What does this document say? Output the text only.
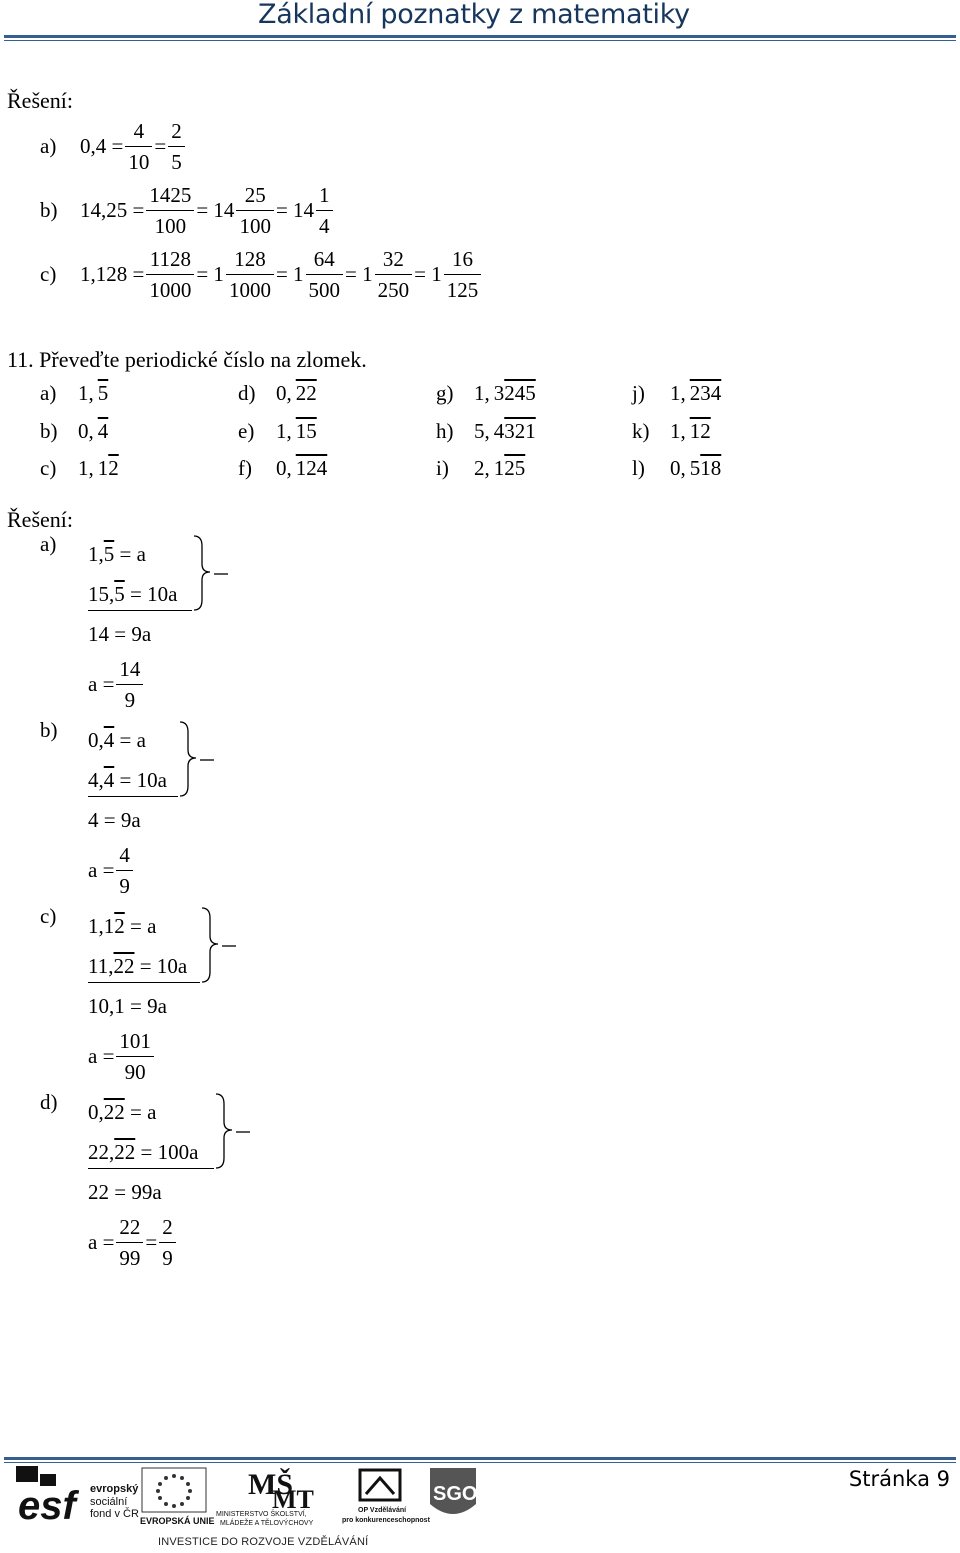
Základní poznatky z matematiky
Řešení:
a)	$0,4 = \frac{4}{10} = \frac{2}{5}$
b)	$14,25 = \frac{1425}{100} = 14 \frac{25}{100} = 14 \frac{1}{4}$
c)	$1,128 = \frac{1128}{1000} = 1 \frac{128}{1000} = 1 \frac{64}{500} = 1 \frac{32}{250} = 1 \frac{16}{125}$
11. Převeďte periodické číslo na zlomek.
a) 1, 5	d) 0, 22	g) 1, 3245	j) 1, 234
b) 0, 4	e) 1, 15	h) 5, 4321	k) 1, 12
c) 1, 12	f) 0, 124	i) 2, 125	l) 0, 518
Řešení:
a) 1,5 = a
15,5 = 10a
14 = 9a
$a = \frac{14}{9}$
b) 0,4 = a
4,4 = 10a
4 = 9a
$a = \frac{4}{9}$
c) 1,12 = a
11,22 = 10a
10,1 = 9a
$a = \frac{101}{90}$
d) 0,22 = a
22,22 = 100a
22 = 99a
$a = \frac{22}{99} = \frac{2}{9}$
Stránka 9
esf	evropský
sociální
fond v ČR
EVROPSKÁ UNIE
MŠ
MT
MINISTERSTVO ŠKOLSTVÍ,
MLÁDEŽE A TĚLOVÝCHOVY
OP Vzdělávání
pro konkurenceschopnost
SGO
INVESTICE DO ROZVOJE VZDĚLÁVÁNÍ
